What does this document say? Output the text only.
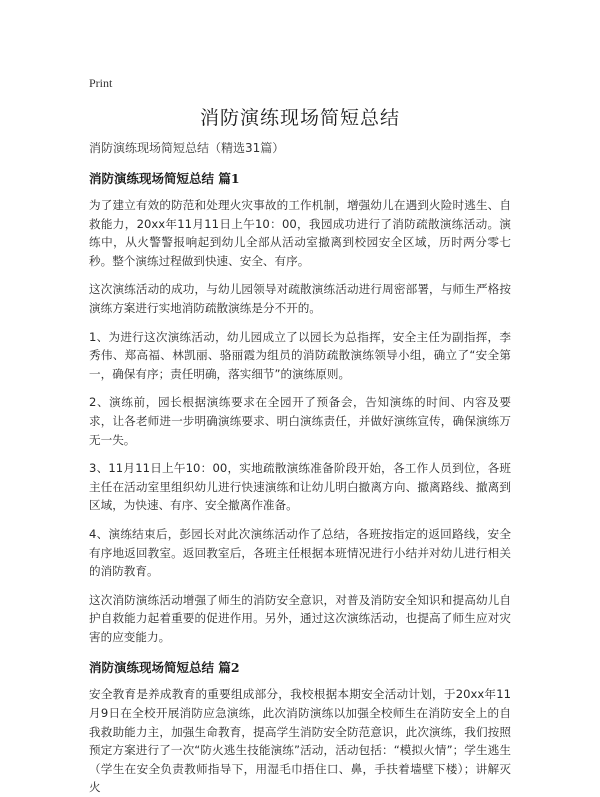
Print
消防演练现场简短总结

消防演练现场简短总结（精选31篇）

消防演练现场简短总结 篇1

为了建立有效的防范和处理火灾事故的工作机制，增强幼儿在遇到火险时逃生、自救能力，20xx年11月11日上午10：00，我园成功进行了消防疏散演练活动。演练中，从火警警报响起到幼儿全部从活动室撤离到校园安全区域，历时两分零七秒。整个演练过程做到快速、安全、有序。

这次演练活动的成功，与幼儿园领导对疏散演练活动进行周密部署，与师生严格按演练方案进行实地消防疏散演练是分不开的。

1、为进行这次演练活动，幼儿园成立了以园长为总指挥，安全主任为副指挥，李秀伟、郑高福、林凯丽、骆丽霞为组员的消防疏散演练领导小组，确立了“安全第一，确保有序；责任明确，落实细节”的演练原则。

2、演练前，园长根据演练要求在全园开了预备会，告知演练的时间、内容及要求，让各老师进一步明确演练要求、明白演练责任，并做好演练宣传，确保演练万无一失。

3、11月11日上午10：00，实地疏散演练准备阶段开始，各工作人员到位，各班主任在活动室里组织幼儿进行快速演练和让幼儿明白撤离方向、撤离路线、撤离到区域，为快速、有序、安全撤离作准备。

4、演练结束后，彭园长对此次演练活动作了总结，各班按指定的返回路线，安全有序地返回教室。返回教室后，各班主任根据本班情况进行小结并对幼儿进行相关的消防教育。

这次消防演练活动增强了师生的消防安全意识，对普及消防安全知识和提高幼儿自护自救能力起着重要的促进作用。另外，通过这次演练活动，也提高了师生应对灾害的应变能力。

消防演练现场简短总结 篇2

安全教育是养成教育的重要组成部分，我校根据本期安全活动计划，于20xx年11月9日在全校开展消防应急演练，此次消防演练以加强全校师生在消防安全上的自我救助能力主，加强生命教育，提高学生消防安全防范意识，此次演练，我们按照预定方案进行了一次“防火逃生技能演练”活动，活动包括：“模拟火情”；学生逃生（学生在安全负责教师指导下，用湿毛巾捂住口、鼻，手扶着墙壁下楼）；讲解灭火
